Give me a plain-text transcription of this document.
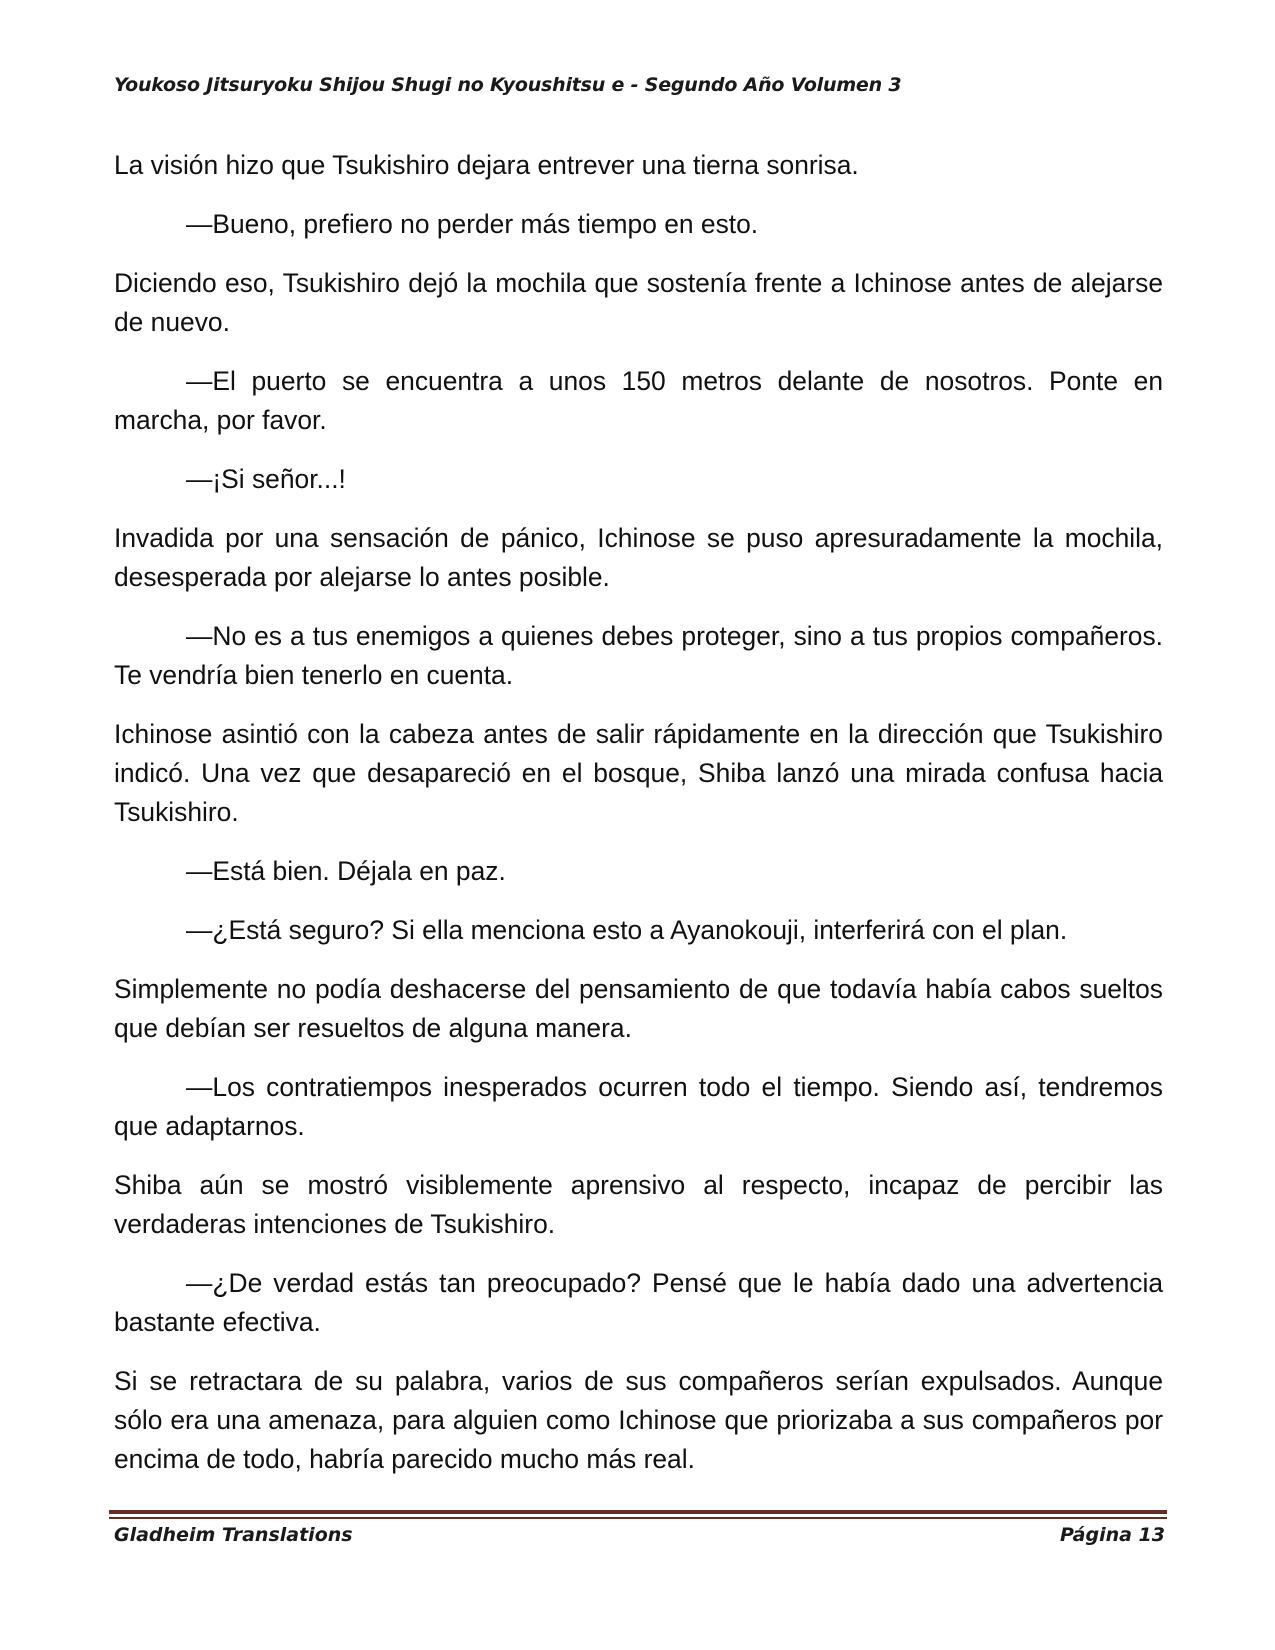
Youkoso Jitsuryoku Shijou Shugi no Kyoushitsu e - Segundo Año Volumen 3

La visión hizo que Tsukishiro dejara entrever una tierna sonrisa.

—Bueno, prefiero no perder más tiempo en esto.

Diciendo eso, Tsukishiro dejó la mochila que sostenía frente a Ichinose antes de alejarse de nuevo.

—El puerto se encuentra a unos 150 metros delante de nosotros. Ponte en marcha, por favor.

—¡Si señor...!

Invadida por una sensación de pánico, Ichinose se puso apresuradamente la mochila, desesperada por alejarse lo antes posible.

—No es a tus enemigos a quienes debes proteger, sino a tus propios compañeros. Te vendría bien tenerlo en cuenta.

Ichinose asintió con la cabeza antes de salir rápidamente en la dirección que Tsukishiro indicó. Una vez que desapareció en el bosque, Shiba lanzó una mirada confusa hacia Tsukishiro.

—Está bien. Déjala en paz.

—¿Está seguro? Si ella menciona esto a Ayanokouji, interferirá con el plan.

Simplemente no podía deshacerse del pensamiento de que todavía había cabos sueltos que debían ser resueltos de alguna manera.

—Los contratiempos inesperados ocurren todo el tiempo. Siendo así, tendremos que adaptarnos.

Shiba aún se mostró visiblemente aprensivo al respecto, incapaz de percibir las verdaderas intenciones de Tsukishiro.

—¿De verdad estás tan preocupado? Pensé que le había dado una advertencia bastante efectiva.

Si se retractara de su palabra, varios de sus compañeros serían expulsados. Aunque sólo era una amenaza, para alguien como Ichinose que priorizaba a sus compañeros por encima de todo, habría parecido mucho más real.

Gladheim Translations	Página 13
